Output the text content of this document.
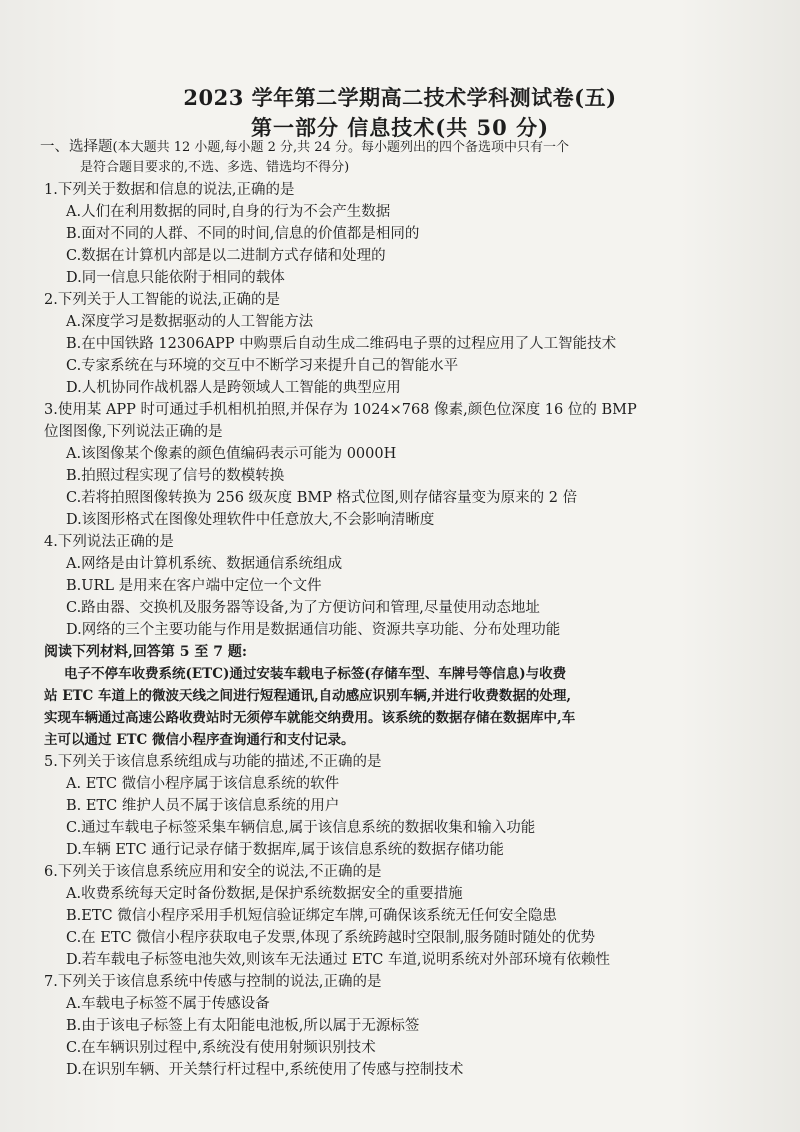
2023 学年第二学期高二技术学科测试卷(五)
第一部分 信息技术(共 50 分)
一、选择题(本大题共 12 小题,每小题 2 分,共 24 分。每小题列出的四个备选项中只有一个
是符合题目要求的,不选、多选、错选均不得分)
1.下列关于数据和信息的说法,正确的是
A.人们在利用数据的同时,自身的行为不会产生数据
B.面对不同的人群、不同的时间,信息的价值都是相同的
C.数据在计算机内部是以二进制方式存储和处理的
D.同一信息只能依附于相同的载体
2.下列关于人工智能的说法,正确的是
A.深度学习是数据驱动的人工智能方法
B.在中国铁路 12306APP 中购票后自动生成二维码电子票的过程应用了人工智能技术
C.专家系统在与环境的交互中不断学习来提升自己的智能水平
D.人机协同作战机器人是跨领域人工智能的典型应用
3.使用某 APP 时可通过手机相机拍照,并保存为 1024×768 像素,颜色位深度 16 位的 BMP
位图图像,下列说法正确的是
A.该图像某个像素的颜色值编码表示可能为 0000H
B.拍照过程实现了信号的数模转换
C.若将拍照图像转换为 256 级灰度 BMP 格式位图,则存储容量变为原来的 2 倍
D.该图形格式在图像处理软件中任意放大,不会影响清晰度
4.下列说法正确的是
A.网络是由计算机系统、数据通信系统组成
B.URL 是用来在客户端中定位一个文件
C.路由器、交换机及服务器等设备,为了方便访问和管理,尽量使用动态地址
D.网络的三个主要功能与作用是数据通信功能、资源共享功能、分布处理功能
阅读下列材料,回答第 5 至 7 题:
电子不停车收费系统(ETC)通过安装车载电子标签(存储车型、车牌号等信息)与收费
站 ETC 车道上的微波天线之间进行短程通讯,自动感应识别车辆,并进行收费数据的处理,
实现车辆通过高速公路收费站时无须停车就能交纳费用。该系统的数据存储在数据库中,车
主可以通过 ETC 微信小程序查询通行和支付记录。
5.下列关于该信息系统组成与功能的描述,不正确的是
A. ETC 微信小程序属于该信息系统的软件
B. ETC 维护人员不属于该信息系统的用户
C.通过车载电子标签采集车辆信息,属于该信息系统的数据收集和输入功能
D.车辆 ETC 通行记录存储于数据库,属于该信息系统的数据存储功能
6.下列关于该信息系统应用和安全的说法,不正确的是
A.收费系统每天定时备份数据,是保护系统数据安全的重要措施
B.ETC 微信小程序采用手机短信验证绑定车牌,可确保该系统无任何安全隐患
C.在 ETC 微信小程序获取电子发票,体现了系统跨越时空限制,服务随时随处的优势
D.若车载电子标签电池失效,则该车无法通过 ETC 车道,说明系统对外部环境有依赖性
7.下列关于该信息系统中传感与控制的说法,正确的是
A.车载电子标签不属于传感设备
B.由于该电子标签上有太阳能电池板,所以属于无源标签
C.在车辆识别过程中,系统没有使用射频识别技术
D.在识别车辆、开关禁行杆过程中,系统使用了传感与控制技术
